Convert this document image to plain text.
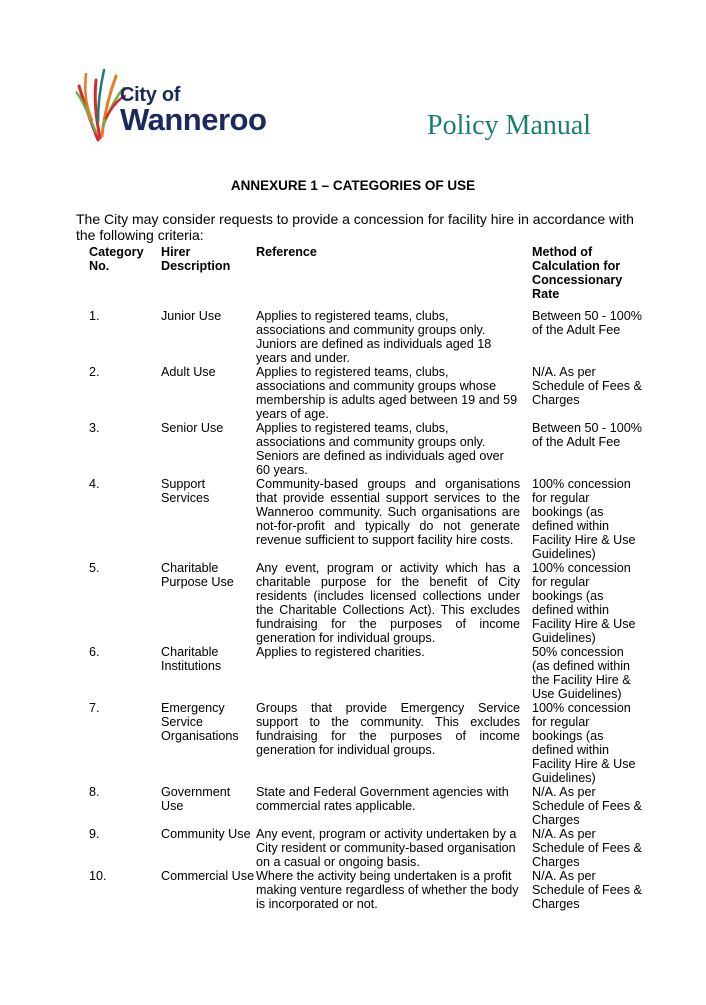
City of
Wanneroo	Policy Manual
ANNEXURE 1 – CATEGORIES OF USE
The City may consider requests to provide a concession for facility hire in accordance with the following criteria:
Category No.	Hirer Description	Reference	Method of Calculation for Concessionary Rate
1.	Junior Use	Applies to registered teams, clubs, associations and community groups only. Juniors are defined as individuals aged 18 years and under.	Between 50 - 100% of the Adult Fee
2.	Adult Use	Applies to registered teams, clubs, associations and community groups whose membership is adults aged between 19 and 59 years of age.	N/A. As per Schedule of Fees & Charges
3.	Senior Use	Applies to registered teams, clubs, associations and community groups only. Seniors are defined as individuals aged over 60 years.	Between 50 - 100% of the Adult Fee
4.	Support Services	Community-based groups and organisations that provide essential support services to the Wanneroo community. Such organisations are not-for-profit and typically do not generate revenue sufficient to support facility hire costs.	100% concession for regular bookings (as defined within Facility Hire & Use Guidelines)
5.	Charitable Purpose Use	Any event, program or activity which has a charitable purpose for the benefit of City residents (includes licensed collections under the Charitable Collections Act). This excludes fundraising for the purposes of income generation for individual groups.	100% concession for regular bookings (as defined within Facility Hire & Use Guidelines)
6.	Charitable Institutions	Applies to registered charities.	50% concession (as defined within the Facility Hire & Use Guidelines)
7.	Emergency Service Organisations	Groups that provide Emergency Service support to the community. This excludes fundraising for the purposes of income generation for individual groups.	100% concession for regular bookings (as defined within Facility Hire & Use Guidelines)
8.	Government Use	State and Federal Government agencies with commercial rates applicable.	N/A. As per Schedule of Fees & Charges
9.	Community Use	Any event, program or activity undertaken by a City resident or community-based organisation on a casual or ongoing basis.	N/A. As per Schedule of Fees & Charges
10.	Commercial Use	Where the activity being undertaken is a profit making venture regardless of whether the body is incorporated or not.	N/A. As per Schedule of Fees & Charges
